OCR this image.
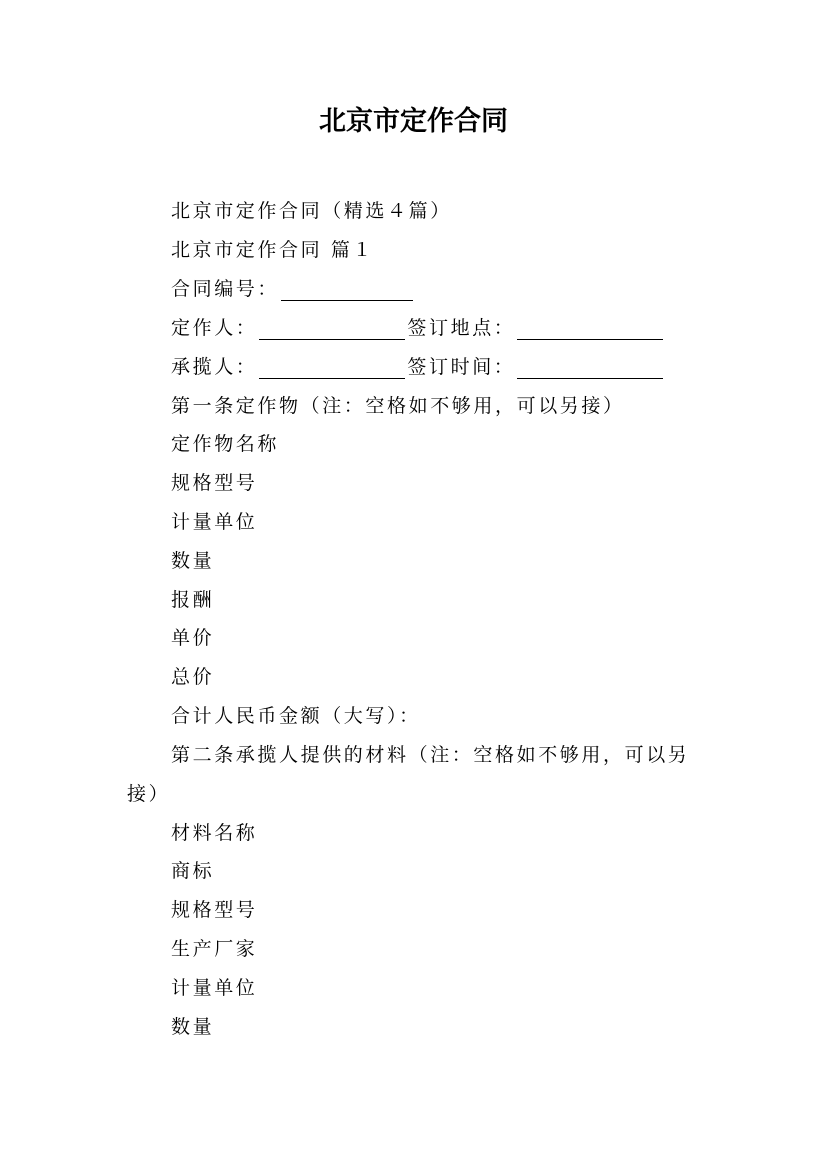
北京市定作合同
北京市定作合同（精选４篇）
北京市定作合同 篇１
合同编号：
定作人：	签订地点：
承揽人：	签订时间：
第一条定作物（注：空格如不够用，可以另接）
定作物名称
规格型号
计量单位
数量
报酬
单价
总价
合计人民币金额（大写）：
第二条承揽人提供的材料（注：空格如不够用，可以另
接）
材料名称
商标
规格型号
生产厂家
计量单位
数量
